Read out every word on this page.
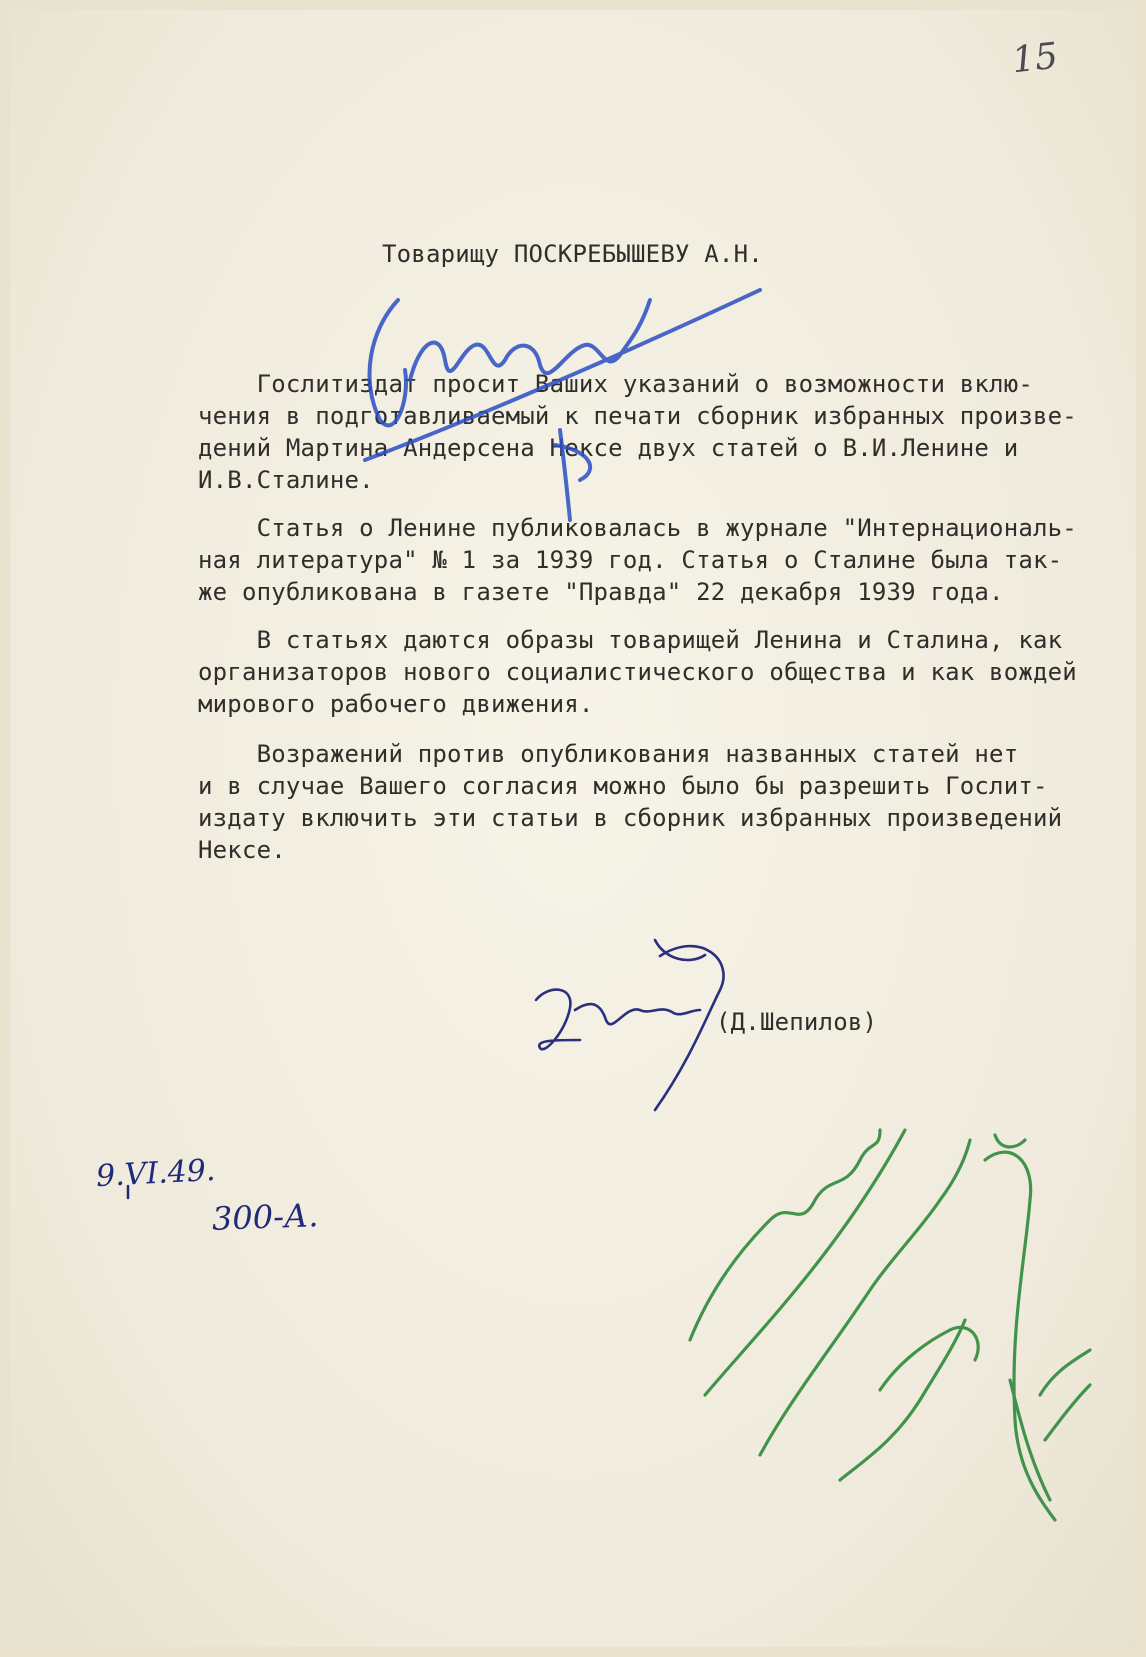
15
Товарищу ПОСКРЕБЫШЕВУ А.Н.
Гослитиздат просит Ваших указаний о возможности вклю-
чения в подготавливаемый к печати сборник избранных произве-
дений Мартина Андерсена Нексе двух статей о В.И.Ленине и
И.В.Сталине.
Статья о Ленине публиковалась в журнале "Интернациональ-
ная литература" № 1 за 1939 год. Статья о Сталине была так-
же опубликована в газете "Правда" 22 декабря 1939 года.
В статьях даются образы товарищей Ленина и Сталина, как
организаторов нового социалистического общества и как вождей
мирового рабочего движения.
Возражений против опубликования названных статей нет
и в случае Вашего согласия можно было бы разрешить Гослит-
издату включить эти статьи в сборник избранных произведений
Нексе.
(Д.Шепилов)
9.VI.49.
300-А.
